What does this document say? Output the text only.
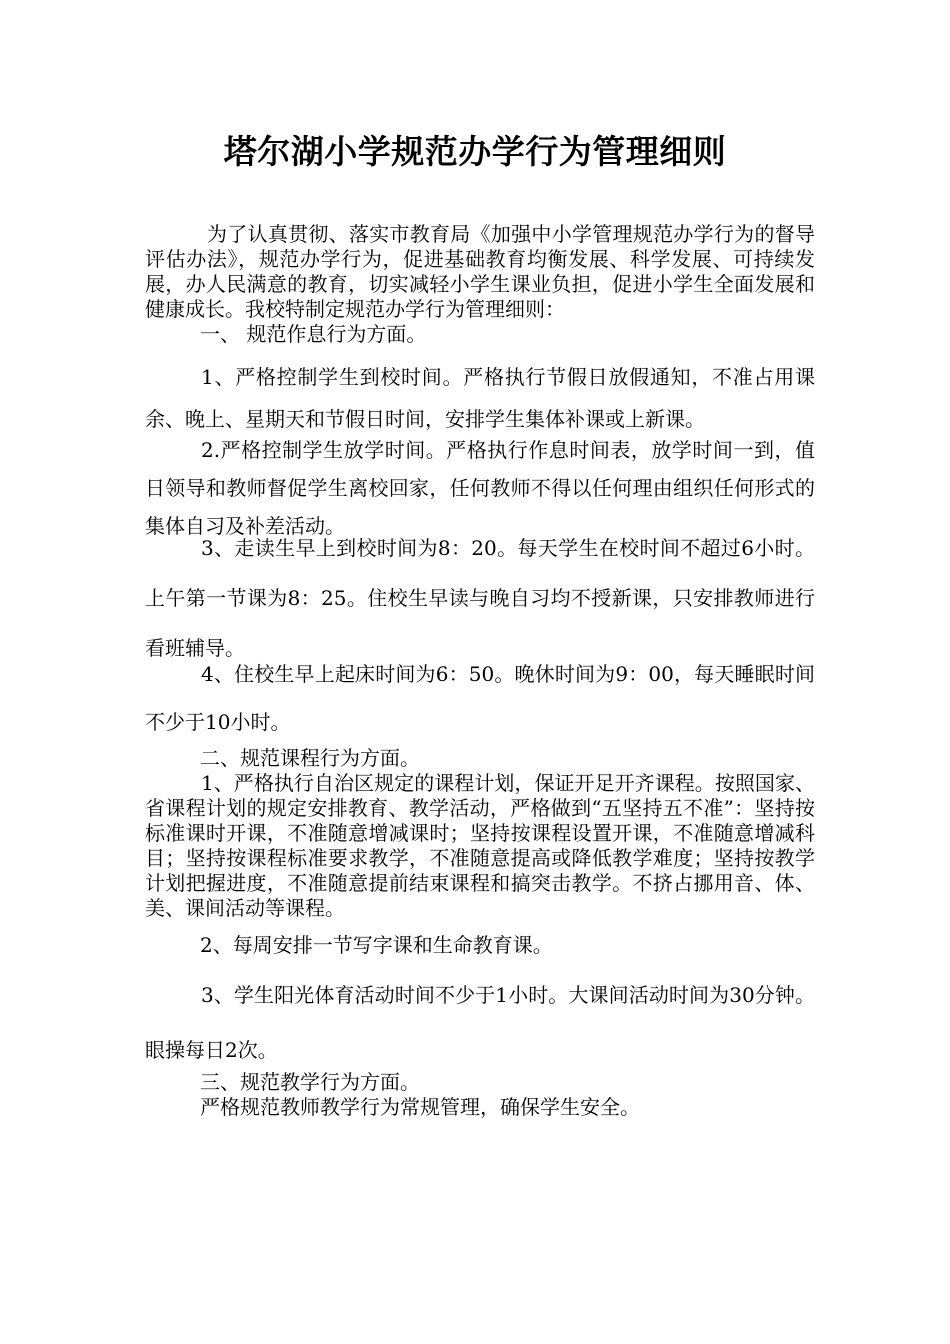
塔尔湖小学规范办学行为管理细则
为了认真贯彻、落实市教育局《加强中小学管理规范办学行为的督导评估办法》，规范办学行为，促进基础教育均衡发展、科学发展、可持续发展，办人民满意的教育，切实减轻小学生课业负担，促进小学生全面发展和健康成长。我校特制定规范办学行为管理细则：
一、 规范作息行为方面。
1、严格控制学生到校时间。严格执行节假日放假通知，不准占用课余、晚上、星期天和节假日时间，安排学生集体补课或上新课。
2.严格控制学生放学时间。严格执行作息时间表，放学时间一到，值日领导和教师督促学生离校回家，任何教师不得以任何理由组织任何形式的集体自习及补差活动。
3、走读生早上到校时间为8：20。每天学生在校时间不超过6小时。上午第一节课为8：25。住校生早读与晚自习均不授新课，只安排教师进行看班辅导。
4、住校生早上起床时间为6：50。晚休时间为9：00，每天睡眠时间不少于10小时。
二、规范课程行为方面。
1、严格执行自治区规定的课程计划，保证开足开齐课程。按照国家、省课程计划的规定安排教育、教学活动，严格做到“五坚持五不准”：坚持按标准课时开课，不准随意增减课时；坚持按课程设置开课，不准随意增减科目；坚持按课程标准要求教学，不准随意提高或降低教学难度；坚持按教学计划把握进度，不准随意提前结束课程和搞突击教学。不挤占挪用音、体、美、课间活动等课程。
2、每周安排一节写字课和生命教育课。
3、学生阳光体育活动时间不少于1小时。大课间活动时间为30分钟。眼操每日2次。
三、规范教学行为方面。
严格规范教师教学行为常规管理，确保学生安全。
